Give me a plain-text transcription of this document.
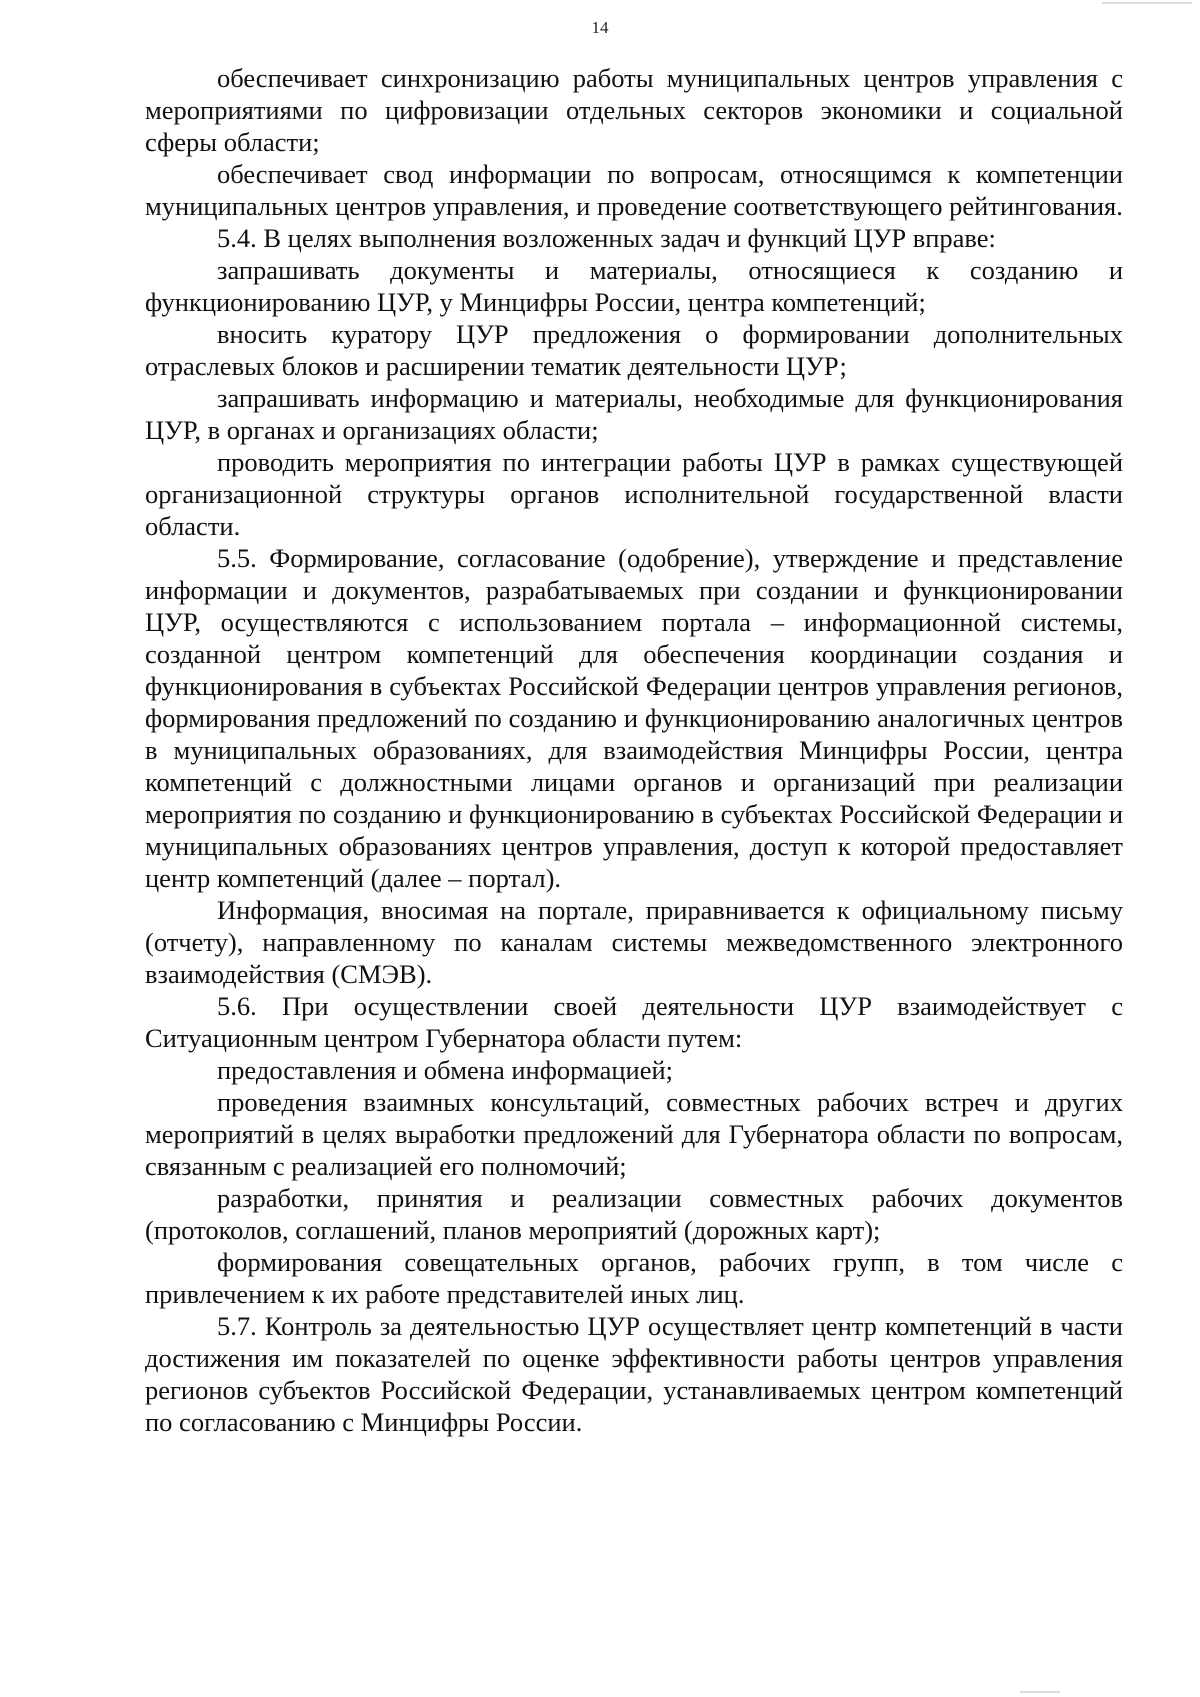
14

обеспечивает синхронизацию работы муниципальных центров управления с мероприятиями по цифровизации отдельных секторов экономики и социальной сферы области;

обеспечивает свод информации по вопросам, относящимся к компетенции муниципальных центров управления, и проведение соответствующего рейтингования.

5.4. В целях выполнения возложенных задач и функций ЦУР вправе:

запрашивать документы и материалы, относящиеся к созданию и функционированию ЦУР, у Минцифры России, центра компетенций;

вносить куратору ЦУР предложения о формировании дополнительных отраслевых блоков и расширении тематик деятельности ЦУР;

запрашивать информацию и материалы, необходимые для функционирования ЦУР, в органах и организациях области;

проводить мероприятия по интеграции работы ЦУР в рамках существующей организационной структуры органов исполнительной государственной власти области.

5.5. Формирование, согласование (одобрение), утверждение и представление информации и документов, разрабатываемых при создании и функционировании ЦУР, осуществляются с использованием портала – информационной системы, созданной центром компетенций для обеспечения координации создания и функционирования в субъектах Российской Федерации центров управления регионов, формирования предложений по созданию и функционированию аналогичных центров в муниципальных образованиях, для взаимодействия Минцифры России, центра компетенций с должностными лицами органов и организаций при реализации мероприятия по созданию и функционированию в субъектах Российской Федерации и муниципальных образованиях центров управления, доступ к которой предоставляет центр компетенций (далее – портал).

Информация, вносимая на портале, приравнивается к официальному письму (отчету), направленному по каналам системы межведомственного электронного взаимодействия (СМЭВ).

5.6. При осуществлении своей деятельности ЦУР взаимодействует с Ситуационным центром Губернатора области путем:

предоставления и обмена информацией;

проведения взаимных консультаций, совместных рабочих встреч и других мероприятий в целях выработки предложений для Губернатора области по вопросам, связанным с реализацией его полномочий;

разработки, принятия и реализации совместных рабочих документов (протоколов, соглашений, планов мероприятий (дорожных карт);

формирования совещательных органов, рабочих групп, в том числе с привлечением к их работе представителей иных лиц.

5.7. Контроль за деятельностью ЦУР осуществляет центр компетенций в части достижения им показателей по оценке эффективности работы центров управления регионов субъектов Российской Федерации, устанавливаемых центром компетенций по согласованию с Минцифры России.
